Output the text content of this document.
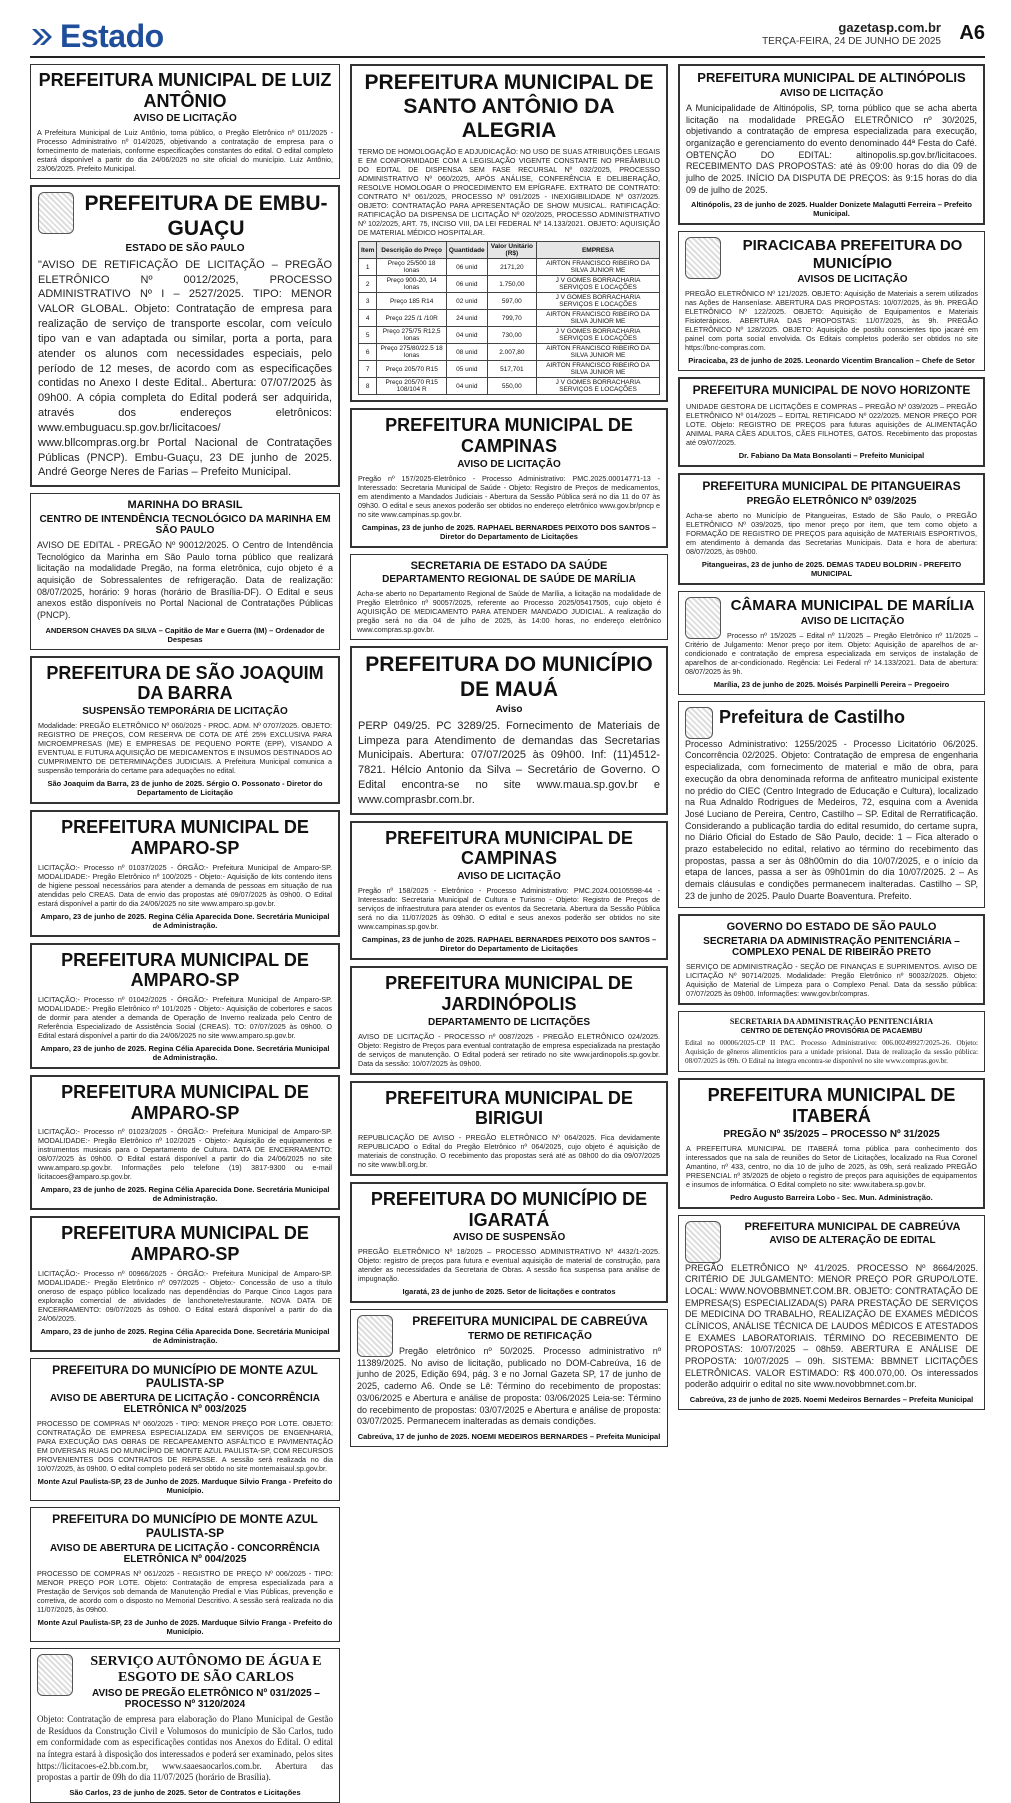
Estado	gazetasp.com.br
TERÇA-FEIRA, 24 DE JUNHO DE 2025 A6
PREFEITURA MUNICIPAL DE LUIZ ANTÔNIO
AVISO DE LICITAÇÃO
A Prefeitura Municipal de Luiz Antônio, torna público, o Pregão Eletrônico nº 011/2025 - Processo Administrativo nº 014/2025, objetivando a contratação de empresa para o fornecimento de materiais, conforme especificações constantes do edital. O edital completo estará disponível a partir do dia 24/06/2025 no site oficial do município. Luiz Antônio, 23/06/2025. Prefeito Municipal.
PREFEITURA DE EMBU-GUAÇU
ESTADO DE SÃO PAULO
"AVISO DE RETIFICAÇÃO DE LICITAÇÃO – PREGÃO ELETRÔNICO Nº 0012/2025, PROCESSO ADMINISTRATIVO Nº I – 2527/2025. TIPO: MENOR VALOR GLOBAL. Objeto: Contratação de empresa para realização de serviço de transporte escolar, com veículo tipo van e van adaptada ou similar, porta a porta, para atender os alunos com necessidades especiais, pelo período de 12 meses, de acordo com as especificações contidas no Anexo I deste Edital.. Abertura: 07/07/2025 às 09h00. A cópia completa do Edital poderá ser adquirida, através dos endereços eletrônicos: www.embuguacu.sp.gov.br/licitacoes/ www.bllcompras.org.br Portal Nacional de Contratações Públicas (PNCP). Embu-Guaçu, 23 DE junho de 2025. André George Neres de Farias – Prefeito Municipal.
MARINHA DO BRASIL
CENTRO DE INTENDÊNCIA TECNOLÓGICO DA MARINHA EM SÃO PAULO
AVISO DE EDITAL - PREGÃO Nº 90012/2025. O Centro de Intendência Tecnológico da Marinha em São Paulo torna público que realizará licitação na modalidade Pregão, na forma eletrônica, cujo objeto é a aquisição de Sobressalentes de refrigeração. Data de realização: 08/07/2025, horário: 9 horas (horário de Brasília-DF). O Edital e seus anexos estão disponíveis no Portal Nacional de Contratações Públicas (PNCP).
ANDERSON CHAVES DA SILVA – Capitão de Mar e Guerra (IM) – Ordenador de Despesas
PREFEITURA DE SÃO JOAQUIM DA BARRA
SUSPENSÃO TEMPORÁRIA DE LICITAÇÃO
Modalidade: PREGÃO ELETRÔNICO Nº 060/2025 - PROC. ADM. Nº 0707/2025. OBJETO: REGISTRO DE PREÇOS, COM RESERVA DE COTA DE ATÉ 25% EXCLUSIVA PARA MICROEMPRESAS (ME) E EMPRESAS DE PEQUENO PORTE (EPP), VISANDO A EVENTUAL E FUTURA AQUISIÇÃO DE MEDICAMENTOS E INSUMOS DESTINADOS AO CUMPRIMENTO DE DETERMINAÇÕES JUDICIAIS. A Prefeitura Municipal comunica a suspensão temporária do certame para adequações no edital.
São Joaquim da Barra, 23 de junho de 2025. Sérgio O. Possonato - Diretor do Departamento de Licitação
PREFEITURA MUNICIPAL DE AMPARO-SP
LICITAÇÃO:- Processo nº 01037/2025 - ÓRGÃO:- Prefeitura Municipal de Amparo-SP. MODALIDADE:- Pregão Eletrônico nº 100/2025 - Objeto:- Aquisição de kits contendo itens de higiene pessoal necessários para atender a demanda de pessoas em situação de rua atendidas pelo CREAS. Data de envio das propostas até 09/07/2025 às 09h00. O Edital estará disponível a partir do dia 24/06/2025 no site www.amparo.sp.gov.br.
Amparo, 23 de junho de 2025. Regina Célia Aparecida Done. Secretária Municipal de Administração.
PREFEITURA MUNICIPAL DE AMPARO-SP
LICITAÇÃO:- Processo nº 01042/2025 - ÓRGÃO:- Prefeitura Municipal de Amparo-SP. MODALIDADE:- Pregão Eletrônico nº 101/2025 - Objeto:- Aquisição de cobertores e sacos de dormir para atender a demanda de Operação de Inverno realizada pelo Centro de Referência Especializado de Assistência Social (CREAS). TO: 07/07/2025 às 09h00. O Edital estará disponível a partir do dia 24/06/2025 no site www.amparo.sp.gov.br.
Amparo, 23 de junho de 2025. Regina Célia Aparecida Done. Secretária Municipal de Administração.
PREFEITURA MUNICIPAL DE AMPARO-SP
LICITAÇÃO:- Processo nº 01023/2025 - ÓRGÃO:- Prefeitura Municipal de Amparo-SP. MODALIDADE:- Pregão Eletrônico nº 102/2025 - Objeto:- Aquisição de equipamentos e instrumentos musicais para o Departamento de Cultura. DATA DE ENCERRAMENTO: 08/07/2025 às 09h00. O Edital estará disponível a partir do dia 24/06/2025 no site www.amparo.sp.gov.br. Informações pelo telefone (19) 3817-9300 ou e-mail licitacoes@amparo.sp.gov.br.
Amparo, 23 de junho de 2025. Regina Célia Aparecida Done. Secretária Municipal de Administração.
PREFEITURA MUNICIPAL DE AMPARO-SP
LICITAÇÃO:- Processo nº 00966/2025 - ÓRGÃO:- Prefeitura Municipal de Amparo-SP. MODALIDADE:- Pregão Eletrônico nº 097/2025 - Objeto:- Concessão de uso a título oneroso de espaço público localizado nas dependências do Parque Cinco Lagos para exploração comercial de atividades de lanchonete/restaurante. NOVA DATA DE ENCERRAMENTO: 09/07/2025 às 09h00. O Edital estará disponível a partir do dia 24/06/2025.
Amparo, 23 de junho de 2025. Regina Célia Aparecida Done. Secretária Municipal de Administração.
PREFEITURA DO MUNICÍPIO DE MONTE AZUL PAULISTA-SP
AVISO DE ABERTURA DE LICITAÇÃO - CONCORRÊNCIA ELETRÔNICA Nº 003/2025
PROCESSO DE COMPRAS Nº 060/2025 - TIPO: MENOR PREÇO POR LOTE. OBJETO: CONTRATAÇÃO DE EMPRESA ESPECIALIZADA EM SERVIÇOS DE ENGENHARIA, PARA EXECUÇÃO DAS OBRAS DE RECAPEAMENTO ASFÁLTICO E PAVIMENTAÇÃO EM DIVERSAS RUAS DO MUNICÍPIO DE MONTE AZUL PAULISTA-SP, COM RECURSOS PROVENIENTES DOS CONTRATOS DE REPASSE. A sessão será realizada no dia 10/07/2025, às 09h00. O edital completo poderá ser obtido no site montemaisaul.sp.gov.br.
Monte Azul Paulista-SP, 23 de Junho de 2025. Marduque Silvio Franga - Prefeito do Município.
PREFEITURA DO MUNICÍPIO DE MONTE AZUL PAULISTA-SP
AVISO DE ABERTURA DE LICITAÇÃO - CONCORRÊNCIA ELETRÔNICA Nº 004/2025
PROCESSO DE COMPRAS Nº 061/2025 - REGISTRO DE PREÇO Nº 006/2025 - TIPO: MENOR PREÇO POR LOTE. Objeto: Contratação de empresa especializada para a Prestação de Serviços sob demanda de Manutenção Predial e Vias Públicas, prevenção e corretiva, de acordo com o disposto no Memorial Descritivo. A sessão será realizada no dia 11/07/2025, às 09h00.
Monte Azul Paulista-SP, 23 de Junho de 2025. Marduque Silvio Franga - Prefeito do Município.
SERVIÇO AUTÔNOMO DE ÁGUA E ESGOTO DE SÃO CARLOS
AVISO DE PREGÃO ELETRÔNICO Nº 031/2025 – PROCESSO Nº 3120/2024
Objeto: Contratação de empresa para elaboração do Plano Municipal de Gestão de Resíduos da Construção Civil e Volumosos do município de São Carlos, tudo em conformidade com as especificações contidas nos Anexos do Edital. O edital na íntegra estará à disposição dos interessados e poderá ser examinado, pelos sites https://licitacoes-e2.bb.com.br, www.saaesaocarlos.com.br. Abertura das propostas a partir de 09h do dia 11/07/2025 (horário de Brasília).
São Carlos, 23 de junho de 2025. Setor de Contratos e Licitações
PREFEITURA MUNICIPAL DE SANTO ANTÔNIO DA ALEGRIA
TERMO DE HOMOLOGAÇÃO E ADJUDICAÇÃO: NO USO DE SUAS ATRIBUIÇÕES LEGAIS E EM CONFORMIDADE COM A LEGISLAÇÃO VIGENTE CONSTANTE NO PREÂMBULO DO EDITAL DE DISPENSA SEM FASE RECURSAL Nº 032/2025, PROCESSO ADMINISTRATIVO Nº 060/2025, APÓS ANÁLISE, CONFERÊNCIA E DELIBERAÇÃO, RESOLVE HOMOLOGAR O PROCEDIMENTO EM EPÍGRAFE. EXTRATO DE CONTRATO: CONTRATO Nº 061/2025, PROCESSO Nº 091/2025 - INEXIGIBILIDADE Nº 037/2025. OBJETO: CONTRATAÇÃO PARA APRESENTAÇÃO DE SHOW MUSICAL. RATIFICAÇÃO: RATIFICAÇÃO DA DISPENSA DE LICITAÇÃO Nº 020/2025, PROCESSO ADMINISTRATIVO Nº 102/2025, ART. 75, INCISO VIII, DA LEI FEDERAL Nº 14.133/2021. OBJETO: AQUISIÇÃO DE MATERIAL MÉDICO HOSPITALAR.
Item	Descrição do Preço	Quantidade	Valor Unitário (R$)	EMPRESA
1	Preço 25/500 18 lonas	06 unid	2171,20	AIRTON FRANCISCO RIBEIRO DA SILVA JUNIOR ME
2	Preço 900-20, 14 lonas	06 unid	1.750,00	J V GOMES BORRACHARIA SERVIÇOS E LOCAÇÕES
3	Preço 185 R14	02 unid	597,00	J V GOMES BORRACHARIA SERVIÇOS E LOCAÇÕES
4	Preço 225 /1 /10R	24 unid	799,70	AIRTON FRANCISCO RIBEIRO DA SILVA JUNIOR ME
5	Preço 275/75 R12,5 lonas	04 unid	730,00	J V GOMES BORRACHARIA SERVIÇOS E LOCAÇÕES
6	Preço 275/80/22.5 18 lonas	08 unid	2.007,80	AIRTON FRANCISCO RIBEIRO DA SILVA JUNIOR ME
7	Preço 205/70 R15	05 unid	517,701	AIRTON FRANCISCO RIBEIRO DA SILVA JUNIOR ME
8	Preço 205/70 R15 108/104 R	04 unid	550,00	J V GOMES BORRACHARIA SERVIÇOS E LOCAÇÕES
PREFEITURA MUNICIPAL DE CAMPINAS
AVISO DE LICITAÇÃO
Pregão nº 157/2025-Eletrônico - Processo Administrativo: PMC.2025.00014771-13 - Interessado: Secretaria Municipal de Saúde - Objeto: Registro de Preços de medicamentos, em atendimento a Mandados Judiciais - Abertura da Sessão Pública será no dia 11 do 07 às 09h30. O edital e seus anexos poderão ser obtidos no endereço eletrônico www.gov.br/pncp e no site www.campinas.sp.gov.br.
Campinas, 23 de junho de 2025. RAPHAEL BERNARDES PEIXOTO DOS SANTOS – Diretor do Departamento de Licitações
SECRETARIA DE ESTADO DA SAÚDE
DEPARTAMENTO REGIONAL DE SAÚDE DE MARÍLIA
Acha-se aberto no Departamento Regional de Saúde de Marília, a licitação na modalidade de Pregão Eletrônico nº 90057/2025, referente ao Processo 2025/05417505, cujo objeto é AQUISIÇÃO DE MEDICAMENTO PARA ATENDER MANDADO JUDICIAL. A realização do pregão será no dia 04 de julho de 2025, às 14:00 horas, no endereço eletrônico www.compras.sp.gov.br.
PREFEITURA DO MUNICÍPIO DE MAUÁ
Aviso
PERP 049/25. PC 3289/25. Fornecimento de Materiais de Limpeza para Atendimento de demandas das Secretarias Municipais. Abertura: 07/07/2025 às 09h00. Inf: (11)4512-7821. Hélcio Antonio da Silva – Secretário de Governo. O Edital encontra-se no site www.maua.sp.gov.br e www.comprasbr.com.br.
PREFEITURA MUNICIPAL DE CAMPINAS
AVISO DE LICITAÇÃO
Pregão nº 158/2025 - Eletrônico - Processo Administrativo: PMC.2024.00105598-44 - Interessado: Secretaria Municipal de Cultura e Turismo - Objeto: Registro de Preços de serviços de infraestrutura para atender os eventos da Secretaria. Abertura da Sessão Pública será no dia 11/07/2025 às 09h30. O edital e seus anexos poderão ser obtidos no site www.campinas.sp.gov.br.
Campinas, 23 de junho de 2025. RAPHAEL BERNARDES PEIXOTO DOS SANTOS – Diretor do Departamento de Licitações
PREFEITURA MUNICIPAL DE JARDINÓPOLIS
DEPARTAMENTO DE LICITAÇÕES
AVISO DE LICITAÇÃO - PROCESSO nº 0087/2025 - PREGÃO ELETRÔNICO 024/2025. Objeto: Registro de Preços para eventual contratação de empresa especializada na prestação de serviços de manutenção. O Edital poderá ser retirado no site www.jardinopolis.sp.gov.br. Data da sessão: 10/07/2025 às 09h00.
PREFEITURA MUNICIPAL DE BIRIGUI
REPUBLICAÇÃO DE AVISO - PREGÃO ELETRÔNICO Nº 064/2025. Fica devidamente REPUBLICADO o Edital do Pregão Eletrônico nº 064/2025, cujo objeto é aquisição de materiais de construção. O recebimento das propostas será até as 08h00 do dia 09/07/2025 no site www.bll.org.br.
PREFEITURA DO MUNICÍPIO DE IGARATÁ
AVISO DE SUSPENSÃO
PREGÃO ELETRÔNICO Nº 18/2025 – PROCESSO ADMINISTRATIVO Nº 4432/1-2025. Objeto: registro de preços para futura e eventual aquisição de material de construção, para atender as necessidades da Secretaria de Obras. A sessão fica suspensa para análise de impugnação.
Igaratá, 23 de junho de 2025. Setor de licitações e contratos
PREFEITURA MUNICIPAL DE CABREÚVA
TERMO DE RETIFICAÇÃO
Pregão eletrônico nº 50/2025. Processo administrativo nº 11389/2025. No aviso de licitação, publicado no DOM-Cabreúva, 16 de junho de 2025, Edição 694, pág. 3 e no Jornal Gazeta SP, 17 de junho de 2025, caderno A6. Onde se Lê: Término do recebimento de propostas: 03/06/2025 e Abertura e análise de proposta: 03/06/2025 Leia-se: Término do recebimento de propostas: 03/07/2025 e Abertura e análise de proposta: 03/07/2025. Permanecem inalteradas as demais condições.
Cabreúva, 17 de junho de 2025. NOEMI MEDEIROS BERNARDES – Prefeita Municipal
PREFEITURA MUNICIPAL DE ALTINÓPOLIS
AVISO DE LICITAÇÃO
A Municipalidade de Altinópolis, SP, torna público que se acha aberta licitação na modalidade PREGÃO ELETRÔNICO nº 30/2025, objetivando a contratação de empresa especializada para execução, organização e gerenciamento do evento denominado 44ª Festa do Café. OBTENÇÃO DO EDITAL: altinopolis.sp.gov.br/licitacoes. RECEBIMENTO DAS PROPOSTAS: até às 09:00 horas do dia 09 de julho de 2025. INÍCIO DA DISPUTA DE PREÇOS: às 9:15 horas do dia 09 de julho de 2025.
Altinópolis, 23 de junho de 2025. Hualder Donizete Malagutti Ferreira – Prefeito Municipal.
PIRACICABA PREFEITURA DO MUNICÍPIO
AVISOS DE LICITAÇÃO
PREGÃO ELETRÔNICO Nº 121/2025. OBJETO: Aquisição de Materiais a serem utilizados nas Ações de Hanseníase. ABERTURA DAS PROPOSTAS: 10/07/2025, às 9h. PREGÃO ELETRÔNICO Nº 122/2025. OBJETO: Aquisição de Equipamentos e Materiais Fisioterápicos. ABERTURA DAS PROPOSTAS: 11/07/2025, às 9h. PREGÃO ELETRÔNICO Nº 128/2025. OBJETO: Aquisição de postilu conscientes tipo jacaré em painel com porta social envolvida. Os Editais completos poderão ser obtidos no site https://bnc-compras.com.
Piracicaba, 23 de junho de 2025. Leonardo Vicentim Brancalion – Chefe de Setor
PREFEITURA MUNICIPAL DE NOVO HORIZONTE
UNIDADE GESTORA DE LICITAÇÕES E COMPRAS – PREGÃO Nº 039/2025 – PREGÃO ELETRÔNICO Nº 014/2025 – EDITAL RETIFICADO Nº 022/2025. MENOR PREÇO POR LOTE. Objeto: REGISTRO DE PREÇOS para futuras aquisições de ALIMENTAÇÃO ANIMAL PARA CÃES ADULTOS, CÃES FILHOTES, GATOS. Recebimento das propostas até 09/07/2025.
Dr. Fabiano Da Mata Bonsolanti – Prefeito Municipal
PREFEITURA MUNICIPAL DE PITANGUEIRAS
PREGÃO ELETRÔNICO Nº 039/2025
Acha-se aberto no Município de Pitangueiras, Estado de São Paulo, o PREGÃO ELETRÔNICO Nº 039/2025, tipo menor preço por item, que tem como objeto a FORMAÇÃO DE REGISTRO DE PREÇOS para aquisição de MATERIAIS ESPORTIVOS, em atendimento à demanda das Secretarias Municipais. Data e hora de abertura: 08/07/2025, às 09h00.
Pitangueiras, 23 de junho de 2025. DEMAS TADEU BOLDRIN - PREFEITO MUNICIPAL
CÂMARA MUNICIPAL DE MARÍLIA
AVISO DE LICITAÇÃO
Processo nº 15/2025 – Edital nº 11/2025 – Pregão Eletrônico nº 11/2025 – Critério de Julgamento: Menor preço por item. Objeto: Aquisição de aparelhos de ar-condicionado e contratação de empresa especializada em serviços de instalação de aparelhos de ar-condicionado. Regência: Lei Federal nº 14.133/2021. Data de abertura: 08/07/2025 às 9h.
Marília, 23 de junho de 2025. Moisés Parpinelli Pereira – Pregoeiro
Prefeitura de Castilho
Processo Administrativo: 1255/2025 - Processo Licitatório 06/2025. Concorrência 02/2025. Objeto: Contratação de empresa de engenharia especializada, com fornecimento de material e mão de obra, para execução da obra denominada reforma de anfiteatro municipal existente no prédio do CIEC (Centro Integrado de Educação e Cultura), localizado na Rua Adnaldo Rodrigues de Medeiros, 72, esquina com a Avenida José Luciano de Pereira, Centro, Castilho – SP. Edital de Rerratificação. Considerando a publicação tardia do edital resumido, do certame supra, no Diário Oficial do Estado de São Paulo, decide: 1 – Fica alterado o prazo estabelecido no edital, relativo ao término do recebimento das propostas, passa a ser às 08h00min do dia 10/07/2025, e o início da etapa de lances, passa a ser às 09h01min do dia 10/07/2025. 2 – As demais cláusulas e condições permanecem inalteradas. Castilho – SP, 23 de junho de 2025. Paulo Duarte Boaventura. Prefeito.
GOVERNO DO ESTADO DE SÃO PAULO
SECRETARIA DA ADMINISTRAÇÃO PENITENCIÁRIA – COMPLEXO PENAL DE RIBEIRÃO PRETO
SERVIÇO DE ADMINISTRAÇÃO - SEÇÃO DE FINANÇAS E SUPRIMENTOS. AVISO DE LICITAÇÃO Nº 90714/2025. Modalidade: Pregão Eletrônico nº 90032/2025. Objeto: Aquisição de Material de Limpeza para o Complexo Penal. Data da sessão pública: 07/07/2025 às 09h00. Informações: www.gov.br/compras.
SECRETARIA DA ADMINISTRAÇÃO PENITENCIÁRIA
CENTRO DE DETENÇÃO PROVISÓRIA DE PACAEMBU
Edital no 00006/2025-CP II PAC. Processo Administrativo: 006.00249927/2025-26. Objeto: Aquisição de gêneros alimentícios para a unidade prisional. Data de realização da sessão pública: 08/07/2025 às 09h. O Edital na íntegra encontra-se disponível no site www.compras.gov.br.
PREFEITURA MUNICIPAL DE ITABERÁ
PREGÃO Nº 35/2025 – PROCESSO Nº 31/2025
A PREFEITURA MUNICIPAL DE ITABERÁ torna pública para conhecimento dos interessados que na sala de reuniões do Setor de Licitações, localizado na Rua Coronel Amantino, nº 433, centro, no dia 10 de julho de 2025, às 09h, será realizado PREGÃO PRESENCIAL nº 35/2025 de objeto o registro de preços para aquisições de equipamentos e insumos de informática. O Edital completo no site: www.itabera.sp.gov.br.
Pedro Augusto Barreira Lobo - Sec. Mun. Administração.
PREFEITURA MUNICIPAL DE CABREÚVA
AVISO DE ALTERAÇÃO DE EDITAL
PREGÃO ELETRÔNICO Nº 41/2025. PROCESSO Nº 8664/2025. CRITÉRIO DE JULGAMENTO: MENOR PREÇO POR GRUPO/LOTE. LOCAL: WWW.NOVOBBMNET.COM.BR. OBJETO: CONTRATAÇÃO DE EMPRESA(S) ESPECIALIZADA(S) PARA PRESTAÇÃO DE SERVIÇOS DE MEDICINA DO TRABALHO, REALIZAÇÃO DE EXAMES MÉDICOS CLÍNICOS, ANÁLISE TÉCNICA DE LAUDOS MÉDICOS E ATESTADOS E EXAMES LABORATORIAIS. TÉRMINO DO RECEBIMENTO DE PROPOSTAS: 10/07/2025 – 08h59. ABERTURA E ANÁLISE DE PROPOSTA: 10/07/2025 – 09h. SISTEMA: BBMNET LICITAÇÕES ELETRÔNICAS. VALOR ESTIMADO: R$ 400.070,00. Os interessados poderão adquirir o edital no site www.novobbmnet.com.br.
Cabreúva, 23 de junho de 2025. Noemi Medeiros Bernardes – Prefeita Municipal
